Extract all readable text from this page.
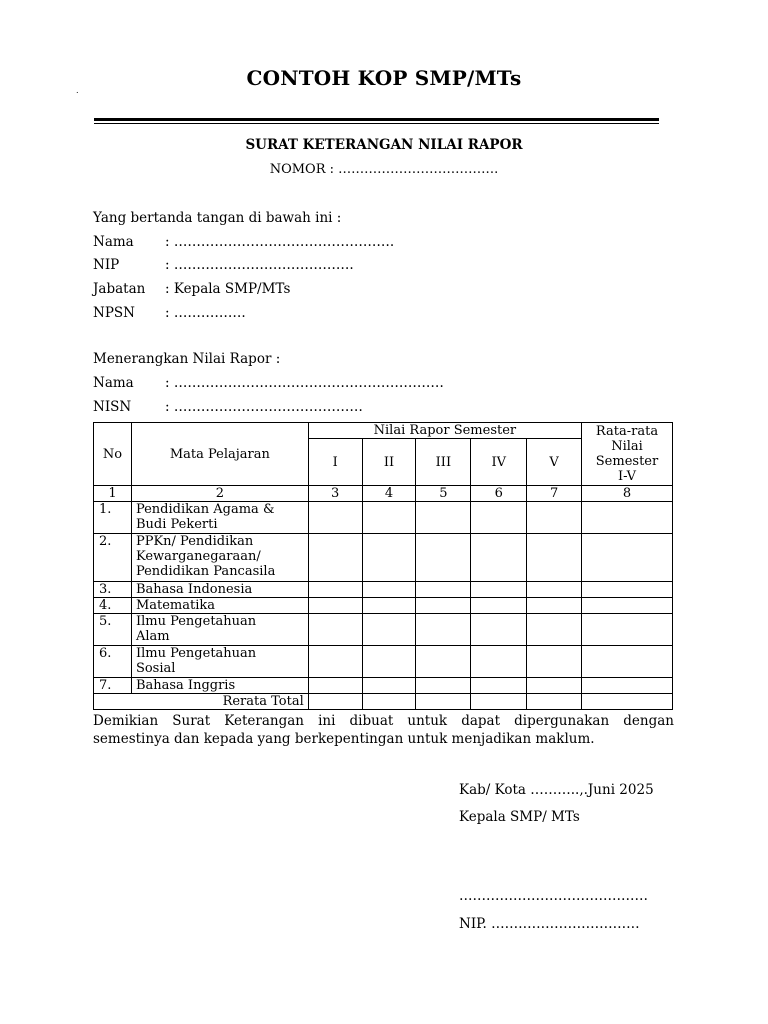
CONTOH KOP SMP/MTs
.
SURAT KETERANGAN NILAI RAPOR
NOMOR : ……………………………….
Yang bertanda tangan di bawah ini :
Nama : ………………………………………….
NIP	: ………………………………….
Jabatan : Kepala SMP/MTs
NPSN : …………….
Menerangkan Nilai Rapor :
Nama : ……………………………………………………
NISN	: ……………………………………
No	Mata Pelajaran	Nilai Rapor Semester					Rata-rata
Nilai
Semester
I-V

		I	II	III	IV	V	
1	2	3	4	5	6	7	8
1.	Pendidikan Agama &
Budi Pekerti						

2.	PPKn/ Pendidikan
Kewarganegaraan/
Pendidikan Pancasila						

3.	Bahasa Indonesia						

4.	Matematika						

5.	Ilmu Pengetahuan
Alam						

6.	Ilmu Pengetahuan
Sosial						

7.	Bahasa Inggris						

Rerata Total							
Demikian Surat Keterangan ini dibuat untuk dapat dipergunakan dengan
semestinya dan kepada yang berkepentingan untuk menjadikan maklum.
Kab/ Kota ………..,.Juni 2025
Kepala SMP/ MTs
……………………………………
NIP. ……………………………
